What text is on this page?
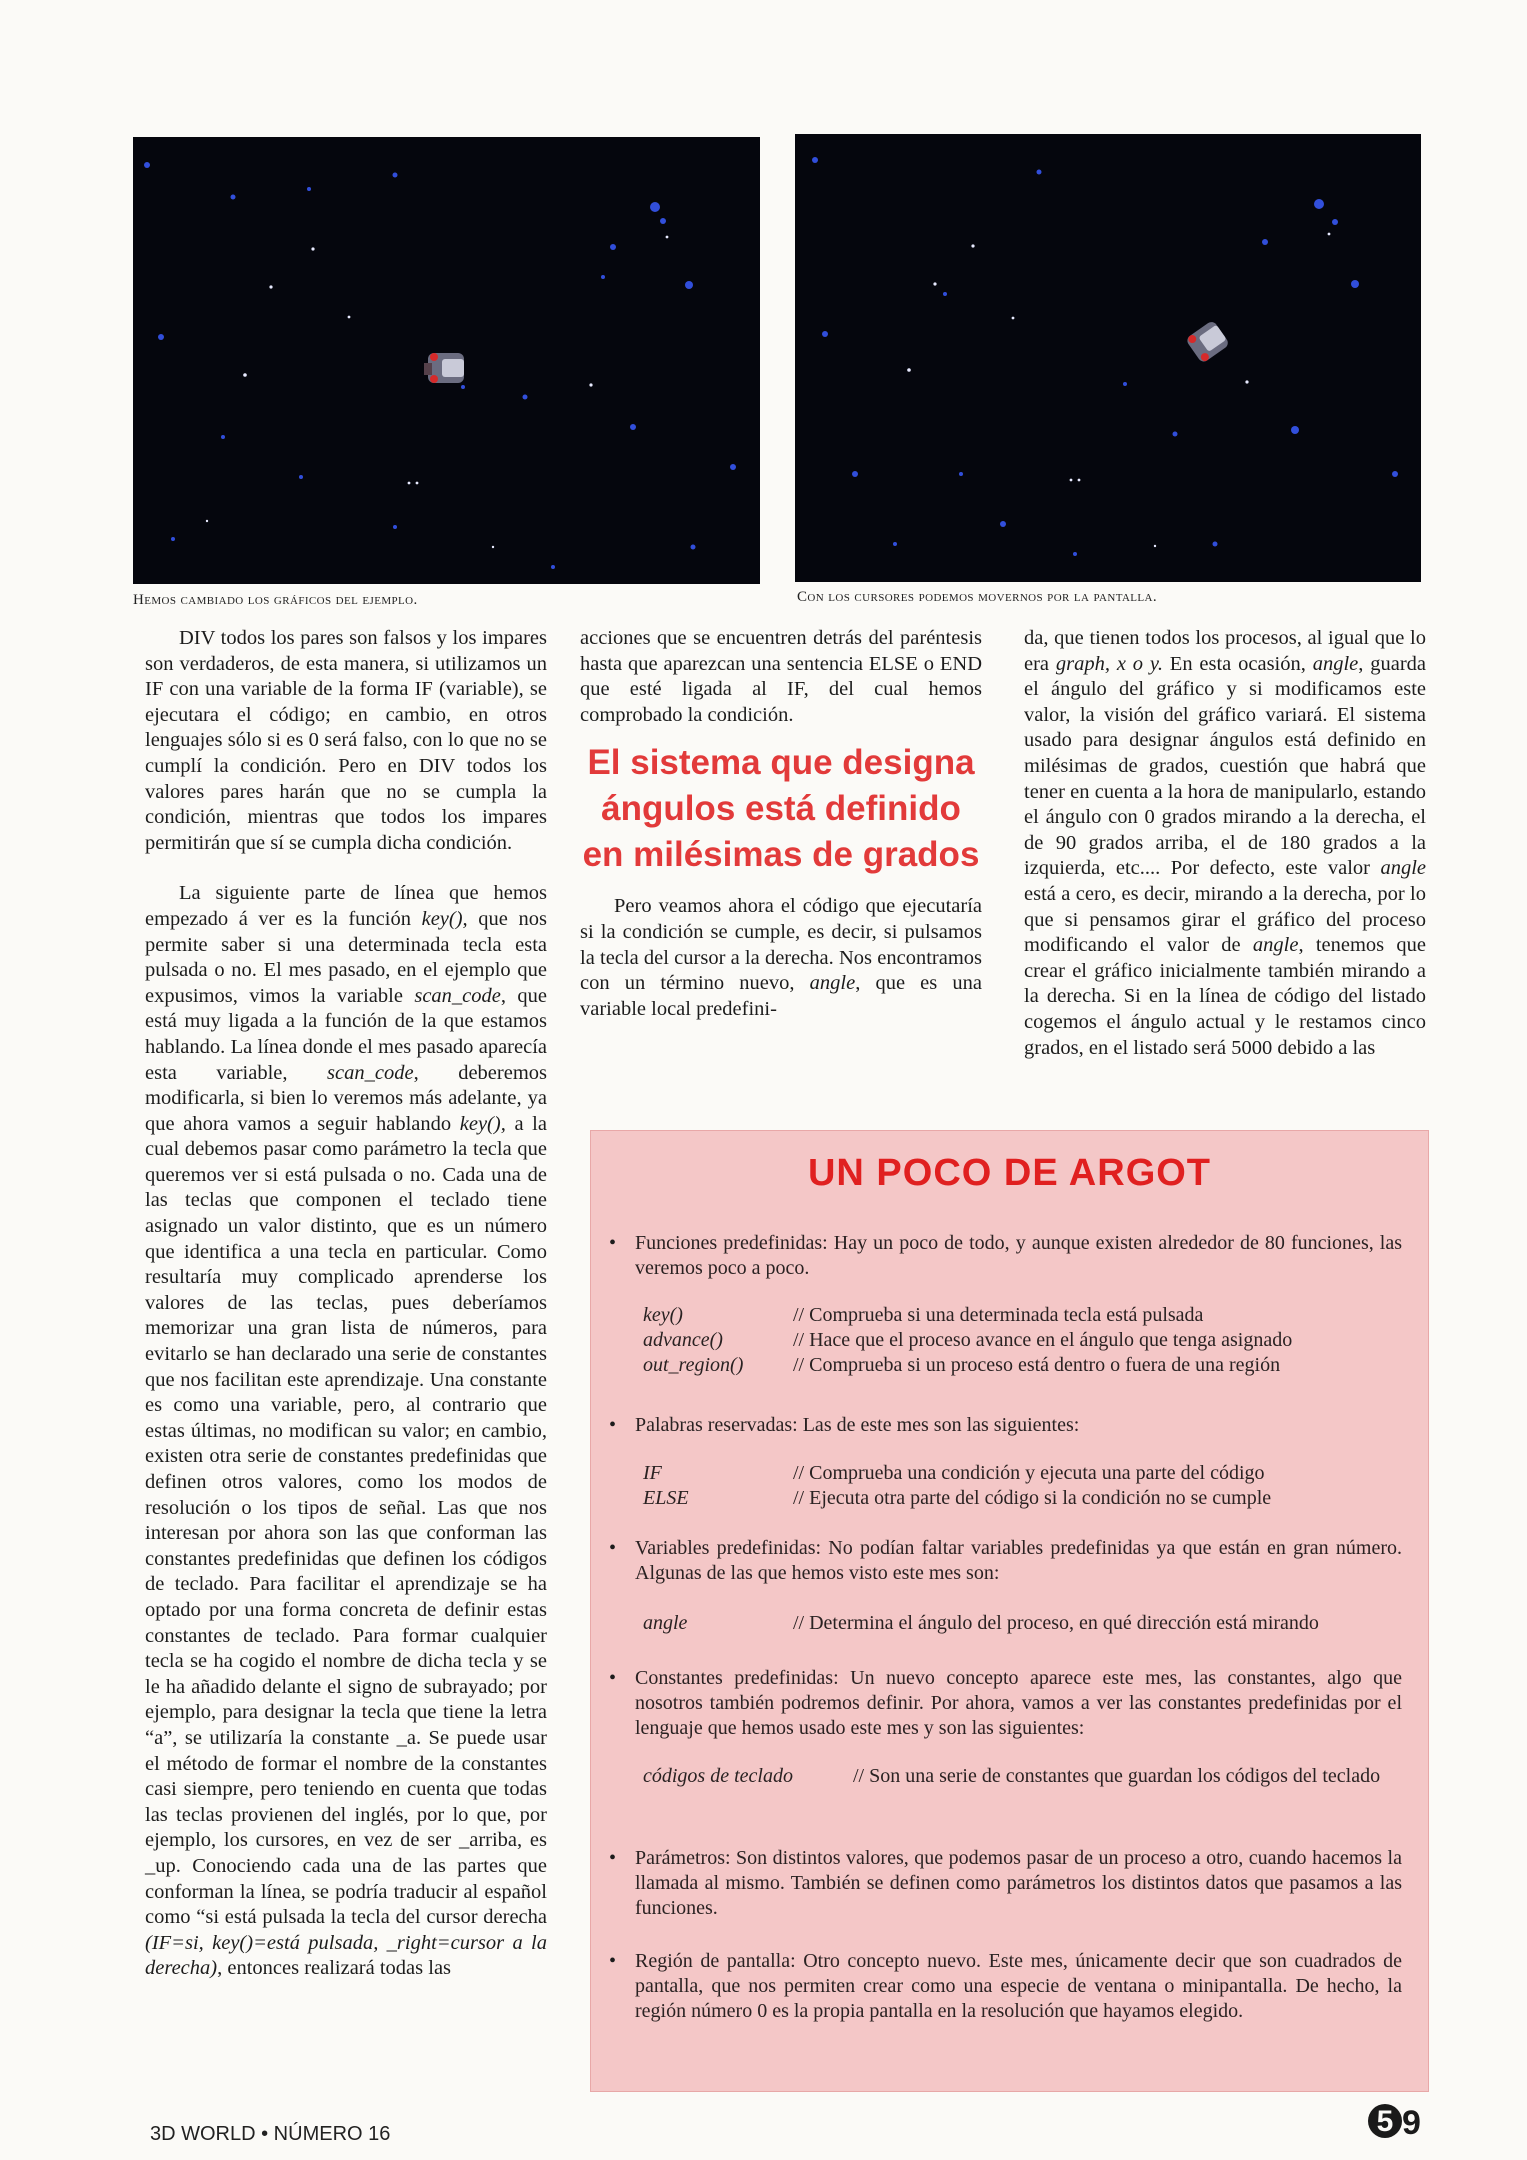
Hemos cambiado los gráficos del ejemplo.	Con los cursores podemos movernos por la pantalla.

DIV todos los pares son falsos y los impares son verdaderos, de esta manera, si utilizamos un IF con una variable de la forma IF (variable), se ejecutara el código; en cambio, en otros lenguajes sólo si es 0 será falso, con lo que no se cumplí la condición. Pero en DIV todos los valores pares harán que no se cumpla la condición, mientras que todos los impares permitirán que sí se cumpla dicha condición.

La siguiente parte de línea que hemos empezado á ver es la función key(), que nos permite saber si una determinada tecla esta pulsada o no. El mes pasado, en el ejemplo que expusimos, vimos la variable scan_code, que está muy ligada a la función de la que estamos hablando. La línea donde el mes pasado aparecía esta variable, scan_code, deberemos modificarla, si bien lo veremos más adelante, ya que ahora vamos a seguir hablando key(), a la cual debemos pasar como parámetro la tecla que queremos ver si está pulsada o no. Cada una de las teclas que componen el teclado tiene asignado un valor distinto, que es un número que identifica a una tecla en particular. Como resultaría muy complicado aprenderse los valores de las teclas, pues deberíamos memorizar una gran lista de números, para evitarlo se han declarado una serie de constantes que nos facilitan este aprendizaje. Una constante es como una variable, pero, al contrario que estas últimas, no modifican su valor; en cambio, existen otra serie de constantes predefinidas que definen otros valores, como los modos de resolución o los tipos de señal. Las que nos interesan por ahora son las que conforman las constantes predefinidas que definen los códigos de teclado. Para facilitar el aprendizaje se ha optado por una forma concreta de definir estas constantes de teclado. Para formar cualquier tecla se ha cogido el nombre de dicha tecla y se le ha añadido delante el signo de subrayado; por ejemplo, para designar la tecla que tiene la letra “a”, se utilizaría la constante _a. Se puede usar el método de formar el nombre de la constantes casi siempre, pero teniendo en cuenta que todas las teclas provienen del inglés, por lo que, por ejemplo, los cursores, en vez de ser _arriba, es _up. Conociendo cada una de las partes que conforman la línea, se podría traducir al español como “si está pulsada la tecla del cursor derecha (IF=si, key()=está pulsada, _right=cursor a la derecha), entonces realizará todas las

acciones que se encuentren detrás del paréntesis hasta que aparezcan una sentencia ELSE o END que esté ligada al IF, del cual hemos comprobado la condición.

El sistema que designa ángulos está definido en milésimas de grados

Pero veamos ahora el código que ejecutaría si la condición se cumple, es decir, si pulsamos la tecla del cursor a la derecha. Nos encontramos con un término nuevo, angle, que es una variable local predefini-

da, que tienen todos los procesos, al igual que lo era graph, x o y. En esta ocasión, angle, guarda el ángulo del gráfico y si modificamos este valor, la visión del gráfico variará. El sistema usado para designar ángulos está definido en milésimas de grados, cuestión que habrá que tener en cuenta a la hora de manipularlo, estando el ángulo con 0 grados mirando a la derecha, el de 90 grados arriba, el de 180 grados a la izquierda, etc.... Por defecto, este valor angle está a cero, es decir, mirando a la derecha, por lo que si pensamos girar el gráfico del proceso modificando el valor de angle, tenemos que crear el gráfico inicialmente también mirando a la derecha. Si en la línea de código del listado cogemos el ángulo actual y le restamos cinco grados, en el listado será 5000 debido a las

UN POCO DE ARGOT
• Funciones predefinidas: Hay un poco de todo, y aunque existen alrededor de 80 funciones, las veremos poco a poco.
key()	// Comprueba si una determinada tecla está pulsada
advance()	// Hace que el proceso avance en el ángulo que tenga asignado
out_region()	// Comprueba si un proceso está dentro o fuera de una región
• Palabras reservadas: Las de este mes son las siguientes:
IF	// Comprueba una condición y ejecuta una parte del código
ELSE	// Ejecuta otra parte del código si la condición no se cumple
• Variables predefinidas: No podían faltar variables predefinidas ya que están en gran número. Algunas de las que hemos visto este mes son:
angle	// Determina el ángulo del proceso, en qué dirección está mirando
• Constantes predefinidas: Un nuevo concepto aparece este mes, las constantes, algo que nosotros también podremos definir. Por ahora, vamos a ver las constantes predefinidas por el lenguaje que hemos usado este mes y son las siguientes:
códigos de teclado	// Son una serie de constantes que guardan los códigos del teclado
• Parámetros: Son distintos valores, que podemos pasar de un proceso a otro, cuando hacemos la llamada al mismo. También se definen como parámetros los distintos datos que pasamos a las funciones.
• Región de pantalla: Otro concepto nuevo. Este mes, únicamente decir que son cuadrados de pantalla, que nos permiten crear como una especie de ventana o minipantalla. De hecho, la región número 0 es la propia pantalla en la resolución que hayamos elegido.
3D WORLD • NÚMERO 16	5 9
